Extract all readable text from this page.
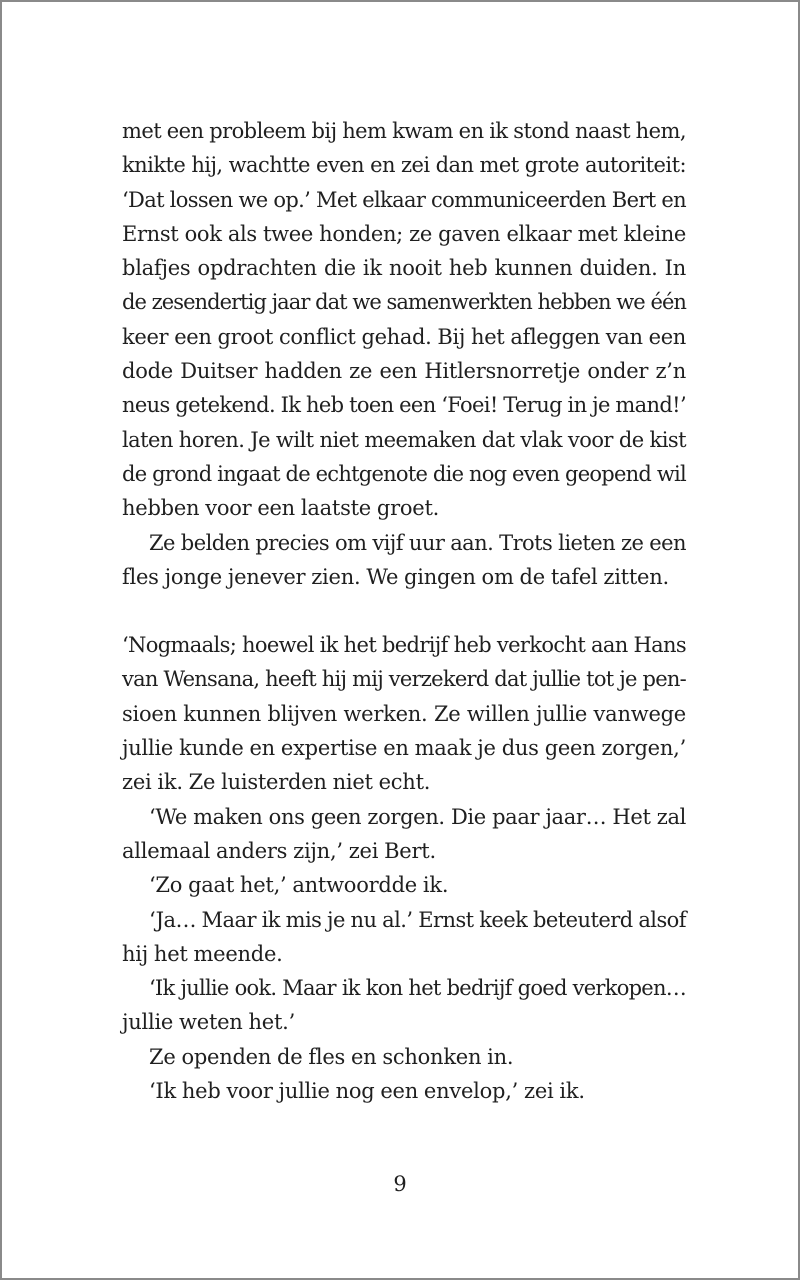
met een probleem bij hem kwam en ik stond naast hem,
knikte hij, wachtte even en zei dan met grote autoriteit:
‘Dat lossen we op.’ Met elkaar communiceerden Bert en
Ernst ook als twee honden; ze gaven elkaar met kleine
blafjes opdrachten die ik nooit heb kunnen duiden. In
de zesendertig jaar dat we samenwerkten hebben we één
keer een groot conflict gehad. Bij het afleggen van een
dode Duitser hadden ze een Hitlersnorretje onder z’n
neus getekend. Ik heb toen een ‘Foei! Terug in je mand!’
laten horen. Je wilt niet meemaken dat vlak voor de kist
de grond ingaat de echtgenote die nog even geopend wil
hebben voor een laatste groet.

Ze belden precies om vijf uur aan. Trots lieten ze een
fles jonge jenever zien. We gingen om de tafel zitten.

‘Nogmaals; hoewel ik het bedrijf heb verkocht aan Hans
van Wensana, heeft hij mij verzekerd dat jullie tot je pen-
sioen kunnen blijven werken. Ze willen jullie vanwege
jullie kunde en expertise en maak je dus geen zorgen,’
zei ik. Ze luisterden niet echt.

‘We maken ons geen zorgen. Die paar jaar… Het zal
allemaal anders zijn,’ zei Bert.

‘Zo gaat het,’ antwoordde ik.

‘Ja… Maar ik mis je nu al.’ Ernst keek beteuterd alsof
hij het meende.

‘Ik jullie ook. Maar ik kon het bedrijf goed verkopen…
jullie weten het.’

Ze openden de fles en schonken in.

‘Ik heb voor jullie nog een envelop,’ zei ik.

9
